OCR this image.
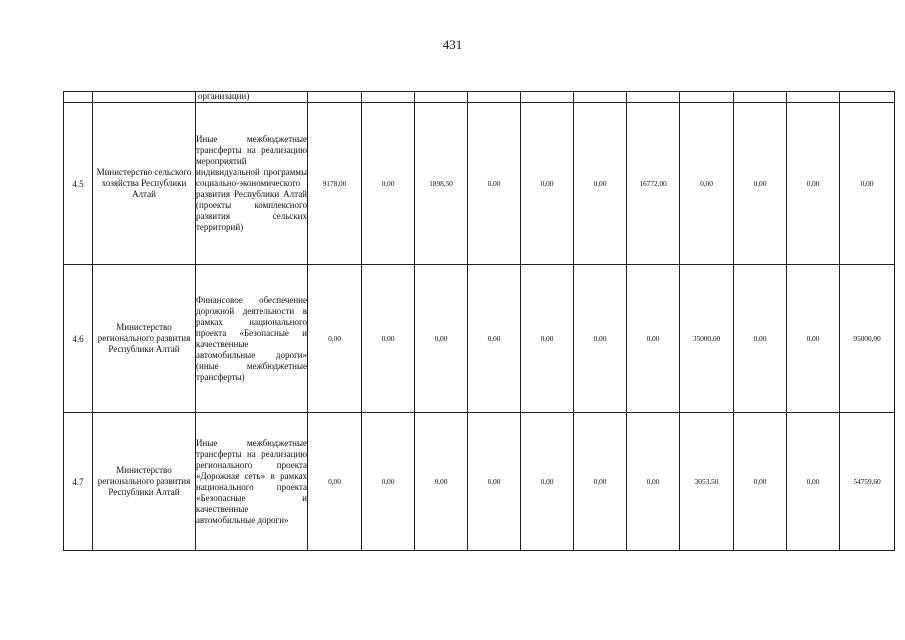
431

		организации)											

4.5	Министерство сельского хозяйства Республики Алтай	Иные межбюджетные трансферты на реализацию мероприятий индивидуальной программы социально-экономического развития Республики Алтай (проекты комплексного развития сельских территорий)	9178,00	0,00	1898,50	0,00	0,00	0,00	16772,00	0,00	0,00	0,00	0,00
4.6	Министерство регионального развития Республики Алтай	Финансовое обеспечение дорожной деятельности в рамках национального проекта «Безопасные и качественные автомобильные дороги» (иные межбюджетные трансферты)	0,00	0,00	0,00	0,00	0,00	0,00	0,00	35000,00	0,00	0,00	95000,00
4.7	Министерство регионального развития Республики Алтай	Иные межбюджетные трансферты на реализацию регионального проекта «Дорожная сеть» в рамках национального проекта «Безопасные и качественные автомобильные дороги»	0,00	0,00	0,00	0,00	0,00	0,00	0,00	3053,50	0,00	0,00	54759,60
